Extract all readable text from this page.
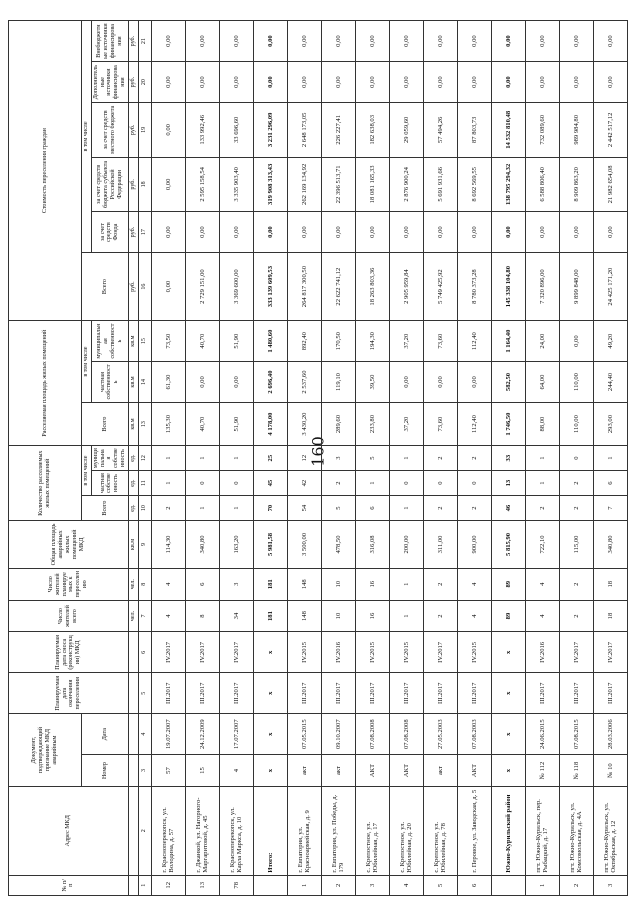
160
№ п/п	Адрес МКД	Документ, подтверждающий признание МКД аварийным		Планируемая дата окончания переселения	Планируемая дата сноса (реконструкции) МКД	Число жителей всего	Число жителей планируемых к переселению	Общая площадь аварийных жилых помещений МКД	Количество расселяемых жилых помещений			Расселяемая площадь жилых помещений			Стоимость переселения граждан					
		Номер	Дата						Всего	в том числе		Всего	в том числе		Всего	в том числе				
										частная собственность	муниципальная собственность		частная собственность	муниципальная собственность		за счет средств Фонда	за счет средств бюджета субъекта Российской Федерации	за счет средств местного бюджета	Дополнительные источники финансирования	Внебюджетные источники финансирования
						чел.	чел.	кв.м	ед.	ед.	ед.	кв.м	кв.м	кв.м	руб.	руб.	руб.	руб.	руб.	руб.
1	2	3	4	5	6	7	8	9	10	11	12	13	14	15	16	17	18	19	20	21
12	г. Красноперекопск, ул. Володина, д. 57	57	19.07.2007	III.2017	IV.2017	4	4	114,30	2	1	1	135,30	61,30	73,50	0,00	0,00	0,00	0,00	0,00	0,00
13	г. Джанкой, ул. Нагорного-Маргаритовой, д. 45	15	24.12.2009	III.2017	IV.2017	8	6	340,80	1	0	1	40,70	0,00	40,70	2 729 151,00	0,00	2 595 158,54	133 992,46	0,00	0,00
78	г. Красноперекопск, ул. Карла Маркса, д. 10	4	17.07.2007	III.2017	IV.2017	34	3	163,20	1	0	1	51,90	0,00	51,90	3 369 600,00	0,00	3 335 903,40	33 696,60	0,00	0,00
	Итого:	x	x	x	x	181	181	5 981,58	70	45	25	4 178,00	2 696,40	1 480,60	333 139 609,53	0,00	319 908 313,43	3 231 296,09	0,00	0,00
1	г. Евпатория, ул. Красноармейская, д. 9	акт	07.05.2015	III.2017	IV.2015	148	148	3 500,00	54	42	12	3 430,20	2 537,60	892,40	264 817 300,50	0,00	262 169 134,92	2 648 173,05	0,00	0,00
2	г. Евпатория, ул. Победы, д. 179	акт	09.10.2007	III.2017	IV.2016	10	10	478,50	5	2	3	289,60	119,10	170,50	22 622 741,12	0,00	22 396 513,71	226 227,41	0,00	0,00
3	с. Крепостное, ул. Юбилейная, д. 17	АКТ	07.08.2008	III.2017	IV.2015	16	16	316,08	6	1	5	233,80	39,50	194,30	18 263 803,36	0,00	18 081 165,33	182 638,03	0,00	0,00
4	с. Крепостное, ул. Юбилейная, д. 20	АКТ	07.08.2008	III.2017	IV.2015	1	1	200,00	1	0	1	37,20	0,00	37,20	2 905 959,84	0,00	2 876 900,24	29 059,60	0,00	0,00
5	с. Крепостное, ул. Юбилейная, д. 78	акт	27.05.2003	III.2017	IV.2017	2	2	311,00	2	0	2	73,60	0,00	73,60	5 749 425,92	0,00	5 691 931,66	57 494,26	0,00	0,00
6	г. Перовое, ул. Заводская, д. 5	АКТ	07.08.2003	III.2017	IV.2015	4	4	900,00	2	0	2	112,40	0,00	112,40	8 780 373,28	0,00	8 692 569,55	87 803,73	0,00	0,00
	Южно-Курильский район	x	x	x	x	89	89	5 815,90	46	13	33	1 746,50	582,50	1 164,40	145 338 104,80	0,00	138 795 294,32	14 532 810,48	0,00	0,00
1	пгт. Южно-Курильск, пер. Рыбацкий, д. 17	№ 112	24.06.2015	III.2017	IV.2016	4	4	722,10	2	1	1	88,00	64,00	24,00	7 320 896,00	0,00	6 588 806,40	732 089,60	0,00	0,00
2	пгт. Южно-Курильск, ул. Комсомольская, д. 4А	№ 118	07.08.2015	III.2017	IV.2017	2	2	115,00	2	2	0	110,00	110,00	0,00	9 899 848,00	0,00	8 909 863,20	989 984,80	0,00	0,00
3	пгт. Южно-Курильск, ул. Октябрьская, д. 12	№ 10	28.03.2006	III.2017	IV.2017	18	18	340,80	7	6	1	293,00	244,40	49,20	24 425 171,20	0,00	21 982 654,08	2 442 517,12	0,00	0,00
